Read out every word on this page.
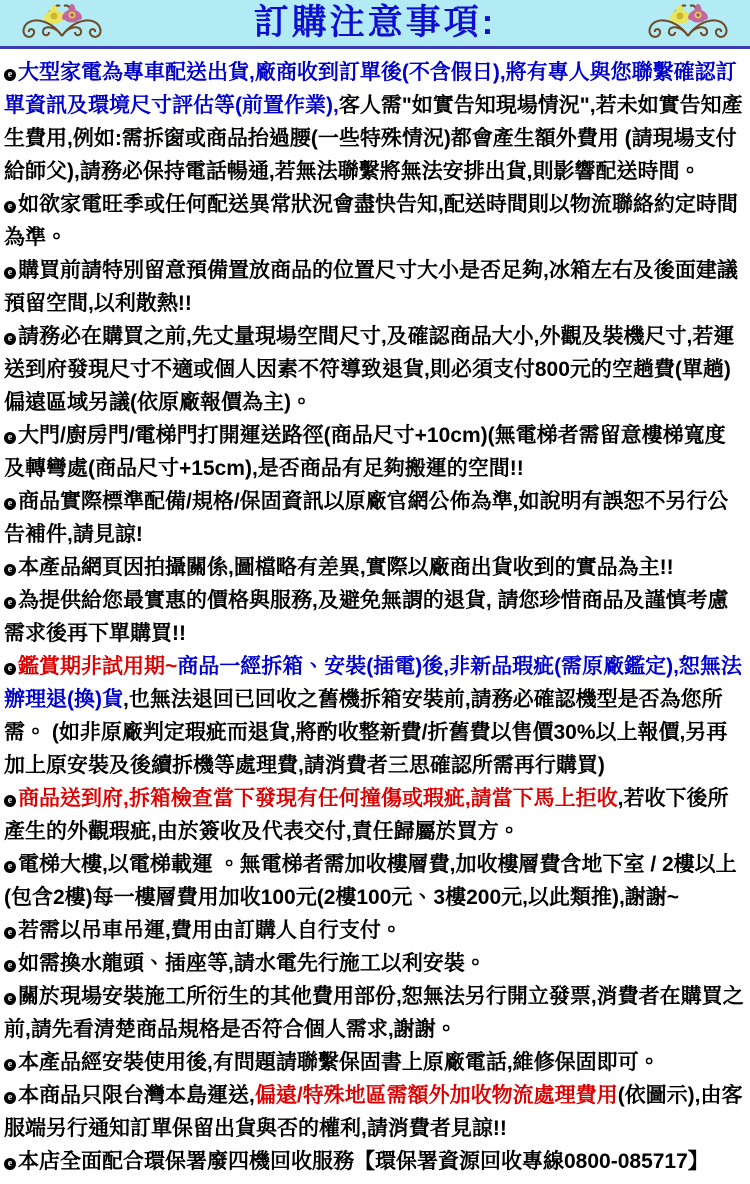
訂購注意事項:

e 大型家電為專車配送出貨,廠商收到訂單後(不含假日),將有專人與您聯繫確認訂單資訊及環境尺寸評估等(前置作業),客人需"如實告知現場情況",若未如實告知產生費用,例如:需拆窗或商品抬過腰(一些特殊情況)都會產生額外費用 (請現場支付給師父),請務必保持電話暢通,若無法聯繫將無法安排出貨,則影響配送時間。

e 如欲家電旺季或任何配送異常狀況會盡快告知,配送時間則以物流聯絡約定時間為準。

e 購買前請特別留意預備置放商品的位置尺寸大小是否足夠,冰箱左右及後面建議預留空間,以利散熱!!

e 請務必在購買之前,先丈量現場空間尺寸,及確認商品大小,外觀及裝機尺寸,若運送到府發現尺寸不適或個人因素不符導致退貨,則必須支付800元的空趟費(單趟)偏遠區域另議(依原廠報價為主)。

e 大門/廚房門/電梯門打開運送路徑(商品尺寸+10cm)(無電梯者需留意樓梯寬度及轉彎處(商品尺寸+15cm),是否商品有足夠搬運的空間!!

e 商品實際標準配備/規格/保固資訊以原廠官網公佈為準,如說明有誤恕不另行公告補件,請見諒!

e 本產品網頁因拍攝關係,圖檔略有差異,實際以廠商出貨收到的實品為主!!

e 為提供給您最實惠的價格與服務,及避免無謂的退貨, 請您珍惜商品及謹慎考慮需求後再下單購買!!

e 鑑賞期非試用期~商品一經拆箱、安裝(插電)後,非新品瑕疵(需原廠鑑定),恕無法辦理退(換)貨,也無法退回已回收之舊機拆箱安裝前,請務必確認機型是否為您所需。 (如非原廠判定瑕疵而退貨,將酌收整新費/折舊費以售價30%以上報價,另再加上原安裝及後續拆機等處理費,請消費者三思確認所需再行購買)

e 商品送到府,拆箱檢查當下發現有任何撞傷或瑕疵,請當下馬上拒收,若收下後所產生的外觀瑕疵,由於簽收及代表交付,責任歸屬於買方。

e 電梯大樓,以電梯載運 。無電梯者需加收樓層費,加收樓層費含地下室 / 2樓以上(包含2樓)每一樓層費用加收100元(2樓100元、3樓200元,以此類推),謝謝~

e 若需以吊車吊運,費用由訂購人自行支付。

e 如需換水龍頭、插座等,請水電先行施工以利安裝。

e 關於現場安裝施工所衍生的其他費用部份,恕無法另行開立發票,消費者在購買之前,請先看清楚商品規格是否符合個人需求,謝謝。

e 本產品經安裝使用後,有問題請聯繫保固書上原廠電話,維修保固即可。

e 本商品只限台灣本島運送,偏遠/特殊地區需額外加收物流處理費用(依圖示),由客服端另行通知訂單保留出貨與否的權利,請消費者見諒!!

e 本店全面配合環保署廢四機回收服務【環保署資源回收專線0800-085717】
